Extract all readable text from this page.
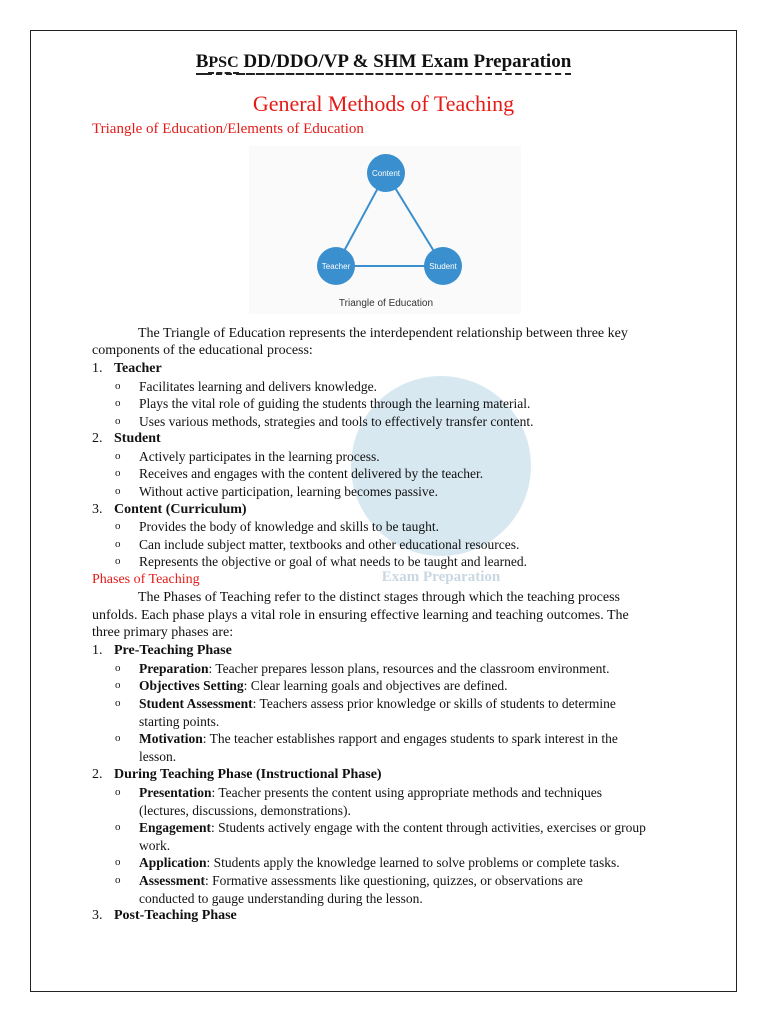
BPSC DD/DDO/VP & SHM Exam Preparation
General Methods of Teaching
Triangle of Education/Elements of Education
Content
Teacher	Student
Triangle of Education
The Triangle of Education represents the interdependent relationship between three key
components of the educational process:
1. Teacher
o Facilitates learning and delivers knowledge.
o Plays the vital role of guiding the students through the learning material.
o Uses various methods, strategies and tools to effectively transfer content.
2. Student
o Actively participates in the learning process.
o Receives and engages with the content delivered by the teacher.
o Without active participation, learning becomes passive.
3. Content (Curriculum)
o Provides the body of knowledge and skills to be taught.
o Can include subject matter, textbooks and other educational resources.
o Represents the objective or goal of what needs to be taught and learned.
Phases of Teaching	Exam Preparation
The Phases of Teaching refer to the distinct stages through which the teaching process
unfolds. Each phase plays a vital role in ensuring effective learning and teaching outcomes. The
three primary phases are:
1. Pre-Teaching Phase
o Preparation: Teacher prepares lesson plans, resources and the classroom environment.
o Objectives Setting: Clear learning goals and objectives are defined.
o Student Assessment: Teachers assess prior knowledge or skills of students to determine
starting points.
o Motivation: The teacher establishes rapport and engages students to spark interest in the
lesson.
2. During Teaching Phase (Instructional Phase)
o Presentation: Teacher presents the content using appropriate methods and techniques
(lectures, discussions, demonstrations).
o Engagement: Students actively engage with the content through activities, exercises or group
work.
o Application: Students apply the knowledge learned to solve problems or complete tasks.
o Assessment: Formative assessments like questioning, quizzes, or observations are
conducted to gauge understanding during the lesson.
3. Post-Teaching Phase
